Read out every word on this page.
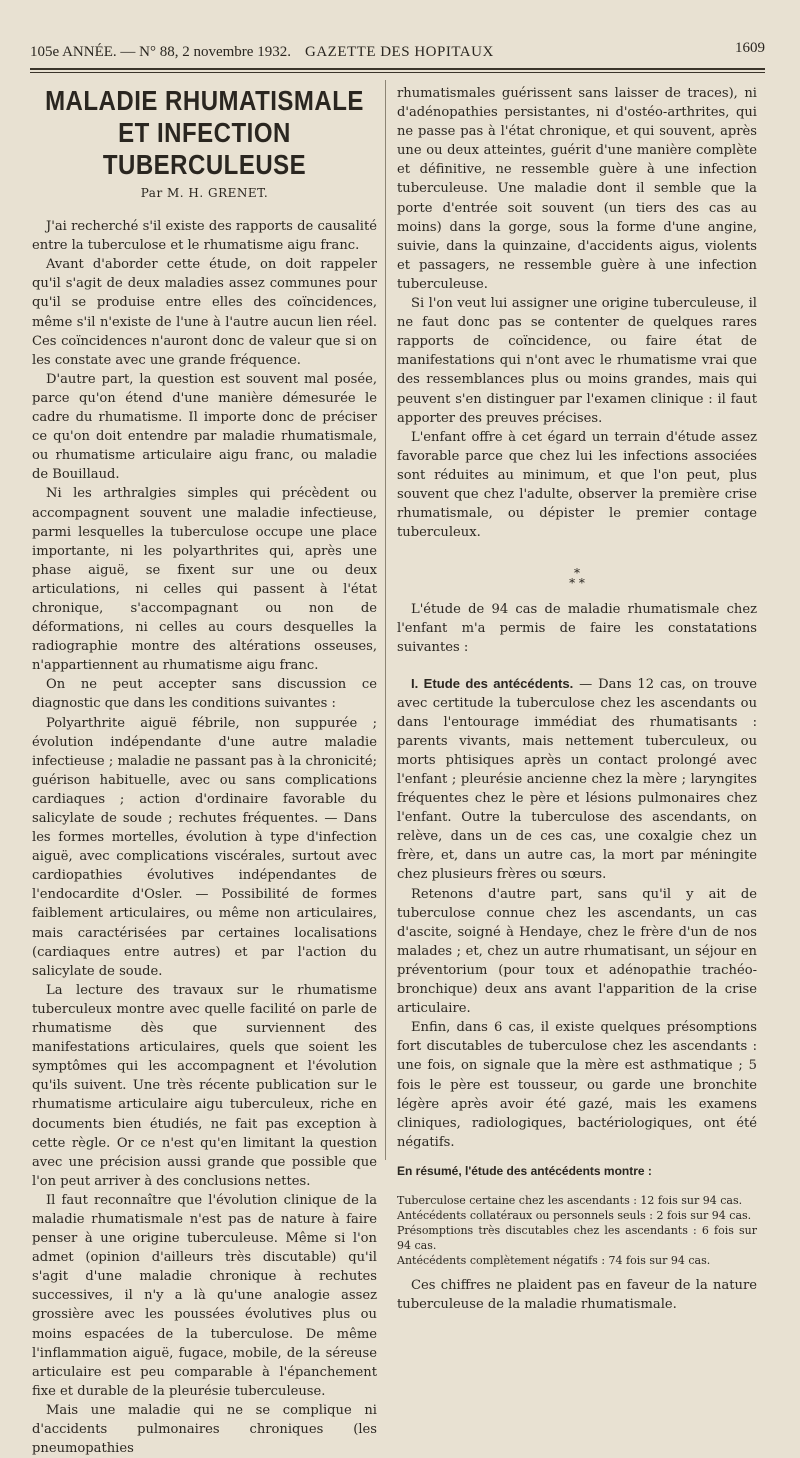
105e ANNÉE. — N° 88, 2 novembre 1932. GAZETTE DES HOPITAUX	1609
MALADIE RHUMATISMALE
ET INFECTION TUBERCULEUSE
Par M. H. GRENET.

J'ai recherché s'il existe des rapports de causalité entre la tuberculose et le rhumatisme aigu franc.

Avant d'aborder cette étude, on doit rappeler qu'il s'agit de deux maladies assez communes pour qu'il se produise entre elles des coïncidences, même s'il n'existe de l'une à l'autre aucun lien réel. Ces coïncidences n'auront donc de valeur que si on les constate avec une grande fréquence.

D'autre part, la question est souvent mal posée, parce qu'on étend d'une manière démesurée le cadre du rhumatisme. Il importe donc de préciser ce qu'on doit entendre par maladie rhumatismale, ou rhumatisme articulaire aigu franc, ou maladie de Bouillaud.

Ni les arthralgies simples qui précèdent ou accompagnent souvent une maladie infectieuse, parmi lesquelles la tuberculose occupe une place importante, ni les polyarthrites qui, après une phase aiguë, se fixent sur une ou deux articulations, ni celles qui passent à l'état chronique, s'accompagnant ou non de déformations, ni celles au cours desquelles la radiographie montre des altérations osseuses, n'appartiennent au rhumatisme aigu franc.

On ne peut accepter sans discussion ce diagnostic que dans les conditions suivantes :

Polyarthrite aiguë fébrile, non suppurée ; évolution indépendante d'une autre maladie infectieuse ; maladie ne passant pas à la chronicité; guérison habituelle, avec ou sans complications cardiaques ; action d'ordinaire favorable du salicylate de soude ; rechutes fréquentes. — Dans les formes mortelles, évolution à type d'infection aiguë, avec complications viscérales, surtout avec cardiopathies évolutives indépendantes de l'endocardite d'Osler. — Possibilité de formes faiblement articulaires, ou même non articulaires, mais caractérisées par certaines localisations (cardiaques entre autres) et par l'action du salicylate de soude.

La lecture des travaux sur le rhumatisme tuberculeux montre avec quelle facilité on parle de rhumatisme dès que surviennent des manifestations articulaires, quels que soient les symptômes qui les accompagnent et l'évolution qu'ils suivent. Une très récente publication sur le rhumatisme articulaire aigu tuberculeux, riche en documents bien étudiés, ne fait pas exception à cette règle. Or ce n'est qu'en limitant la question avec une précision aussi grande que possible que l'on peut arriver à des conclusions nettes.

Il faut reconnaître que l'évolution clinique de la maladie rhumatismale n'est pas de nature à faire penser à une origine tuberculeuse. Même si l'on admet (opinion d'ailleurs très discutable) qu'il s'agit d'une maladie chronique à rechutes successives, il n'y a là qu'une analogie assez grossière avec les poussées évolutives plus ou moins espacées de la tuberculose. De même l'inflammation aiguë, fugace, mobile, de la séreuse articulaire est peu comparable à l'épanchement fixe et durable de la pleurésie tuberculeuse.

Mais une maladie qui ne se complique ni d'accidents pulmonaires chroniques (les pneumopathies

rhumatismales guérissent sans laisser de traces), ni d'adénopathies persistantes, ni d'ostéo-arthrites, qui ne passe pas à l'état chronique, et qui souvent, après une ou deux atteintes, guérit d'une manière complète et définitive, ne ressemble guère à une infection tuberculeuse. Une maladie dont il semble que la porte d'entrée soit souvent (un tiers des cas au moins) dans la gorge, sous la forme d'une angine, suivie, dans la quinzaine, d'accidents aigus, violents et passagers, ne ressemble guère à une infection tuberculeuse.

Si l'on veut lui assigner une origine tuberculeuse, il ne faut donc pas se contenter de quelques rares rapports de coïncidence, ou faire état de manifestations qui n'ont avec le rhumatisme vrai que des ressemblances plus ou moins grandes, mais qui peuvent s'en distinguer par l'examen clinique : il faut apporter des preuves précises.

L'enfant offre à cet égard un terrain d'étude assez favorable parce que chez lui les infections associées sont réduites au minimum, et que l'on peut, plus souvent que chez l'adulte, observer la première crise rhumatismale, ou dépister le premier contage tuberculeux.

*
* *

L'étude de 94 cas de maladie rhumatismale chez l'enfant m'a permis de faire les constatations suivantes :

I. Etude des antécédents. — Dans 12 cas, on trouve avec certitude la tuberculose chez les ascendants ou dans l'entourage immédiat des rhumatisants : parents vivants, mais nettement tuberculeux, ou morts phtisiques après un contact prolongé avec l'enfant ; pleurésie ancienne chez la mère ; laryngites fréquentes chez le père et lésions pulmonaires chez l'enfant. Outre la tuberculose des ascendants, on relève, dans un de ces cas, une coxalgie chez un frère, et, dans un autre cas, la mort par méningite chez plusieurs frères ou sœurs.

Retenons d'autre part, sans qu'il y ait de tuberculose connue chez les ascendants, un cas d'ascite, soigné à Hendaye, chez le frère d'un de nos malades ; et, chez un autre rhumatisant, un séjour en préventorium (pour toux et adénopathie trachéo-bronchique) deux ans avant l'apparition de la crise articulaire.

Enfin, dans 6 cas, il existe quelques présomptions fort discutables de tuberculose chez les ascendants : une fois, on signale que la mère est asthmatique ; 5 fois le père est tousseur, ou garde une bronchite légère après avoir été gazé, mais les examens cliniques, radiologiques, bactériologiques, ont été négatifs.

En résumé, l'étude des antécédents montre :

Tuberculose certaine chez les ascendants : 12 fois sur 94 cas.

Antécédents collatéraux ou personnels seuls : 2 fois sur 94 cas.

Présomptions très discutables chez les ascendants : 6 fois sur 94 cas.

Antécédents complètement négatifs : 74 fois sur 94 cas.

Ces chiffres ne plaident pas en faveur de la nature tuberculeuse de la maladie rhumatismale.
